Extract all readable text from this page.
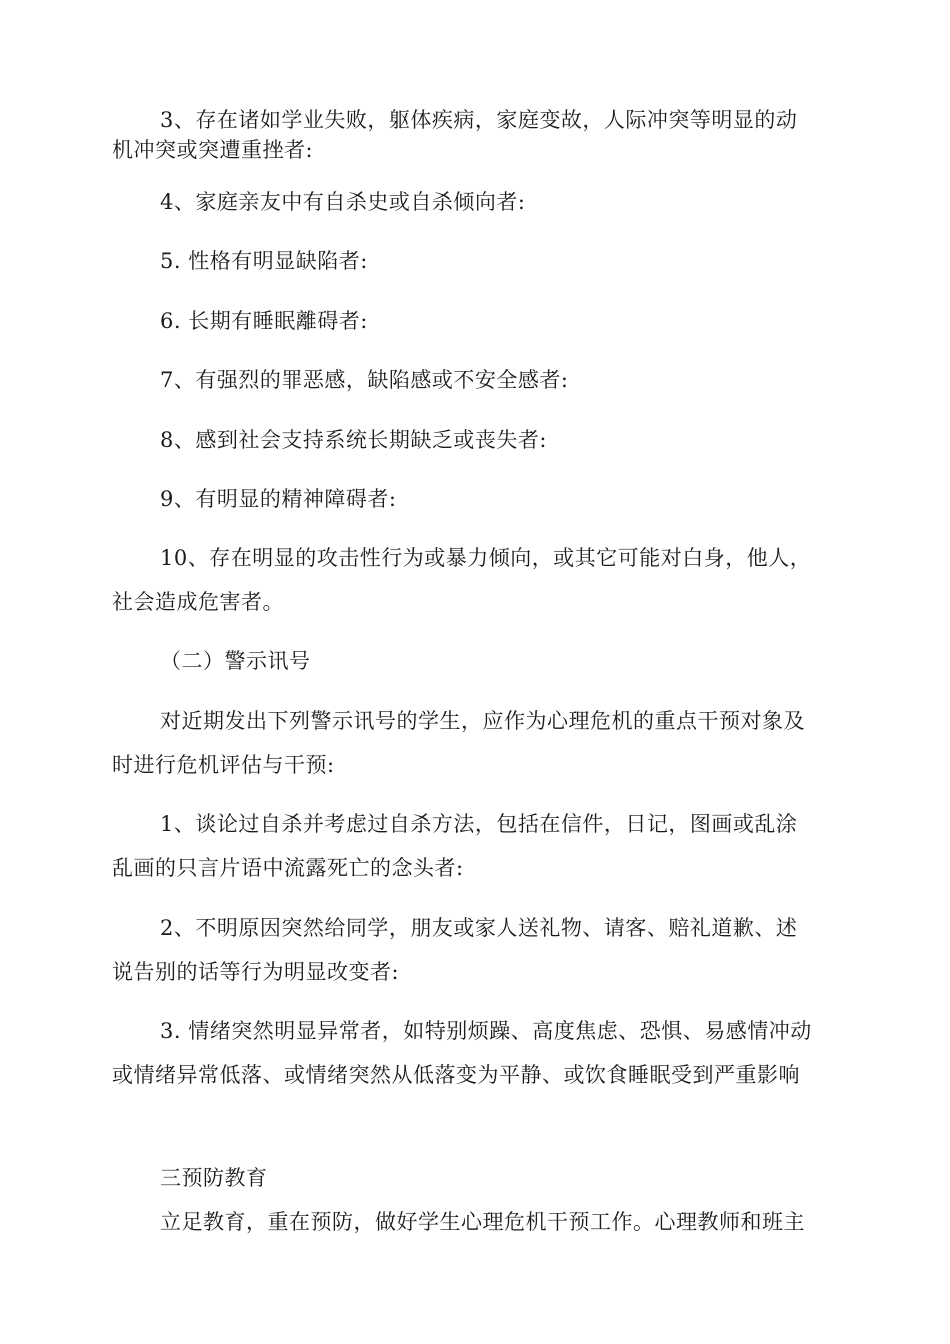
3、存在诸如学业失败，躯体疾病，家庭变故，人际冲突等明显的动
机冲突或突遭重挫者:
4、家庭亲友中有自杀史或自杀倾向者:
5. 性格有明显缺陷者:
6. 长期有睡眠離碍者:
7、有强烈的罪恶感，缺陷感或不安全感者:
8、感到社会支持系统长期缺乏或丧失者:
9、有明显的精神障碍者:
10、存在明显的攻击性行为或暴力倾向，或其它可能对白身，他人，
社会造成危害者。
（二）警示讯号
对近期发出下列警示讯号的学生，应作为心理危机的重点干预对象及
时进行危机评估与干预:
1、谈论过自杀并考虑过自杀方法，包括在信件，日记，图画或乱涂
乱画的只言片语中流露死亡的念头者:
2、不明原因突然给同学，朋友或家人送礼物、请客、赔礼道歉、述
说告别的话等行为明显改变者:
3. 情绪突然明显异常者，如特别烦躁、高度焦虑、恐惧、易感情冲动
或情绪异常低落、或情绪突然从低落变为平静、或饮食睡眠受到严重影响
三预防教育
立足教育，重在预防，做好学生心理危机干预工作。心理教师和班主
